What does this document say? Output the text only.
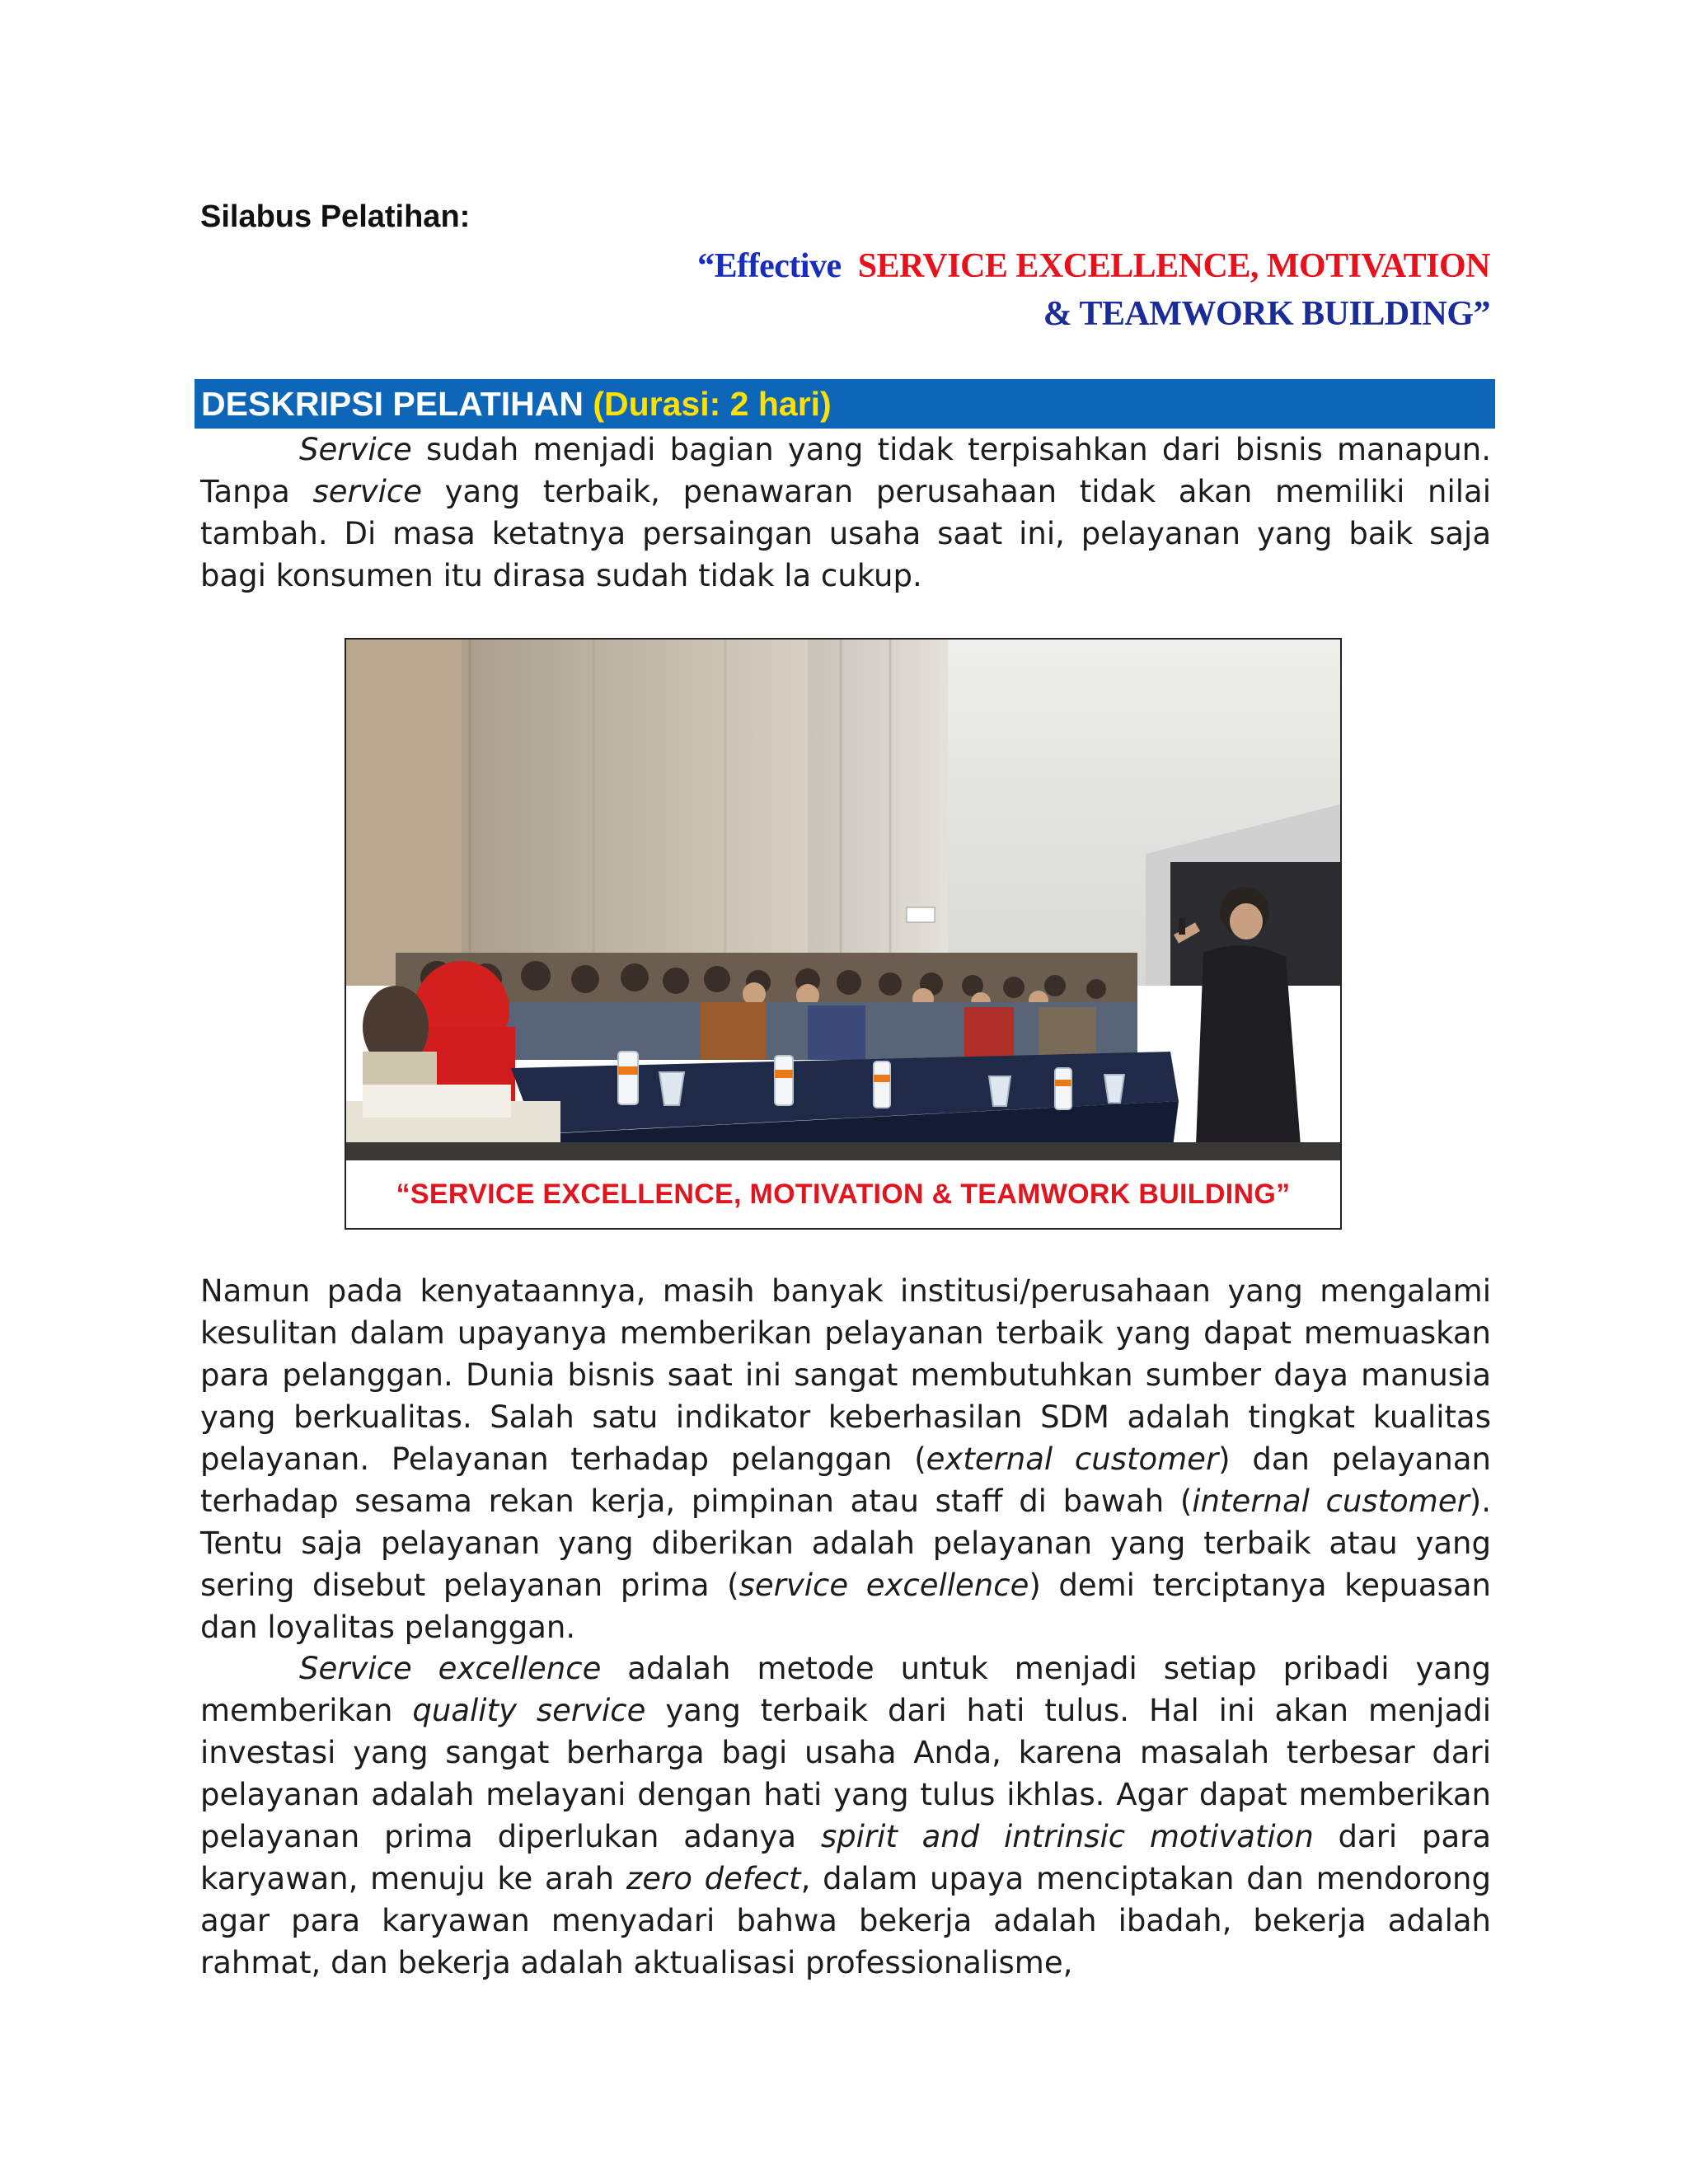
Silabus Pelatihan:
“Effective SERVICE EXCELLENCE, MOTIVATION
& TEAMWORK BUILDING”
DESKRIPSI PELATIHAN (Durasi: 2 hari)

Service sudah menjadi bagian yang tidak terpisahkan dari bisnis manapun. Tanpa service yang terbaik, penawaran perusahaan tidak akan memiliki nilai tambah. Di masa ketatnya persaingan usaha saat ini, pelayanan yang baik saja bagi konsumen itu dirasa sudah tidak la cukup.

“SERVICE EXCELLENCE, MOTIVATION & TEAMWORK BUILDING”

Namun pada kenyataannya, masih banyak institusi/perusahaan yang mengalami kesulitan dalam upayanya memberikan pelayanan terbaik yang dapat memuaskan para pelanggan. Dunia bisnis saat ini sangat membutuhkan sumber daya manusia yang berkualitas. Salah satu indikator keberhasilan SDM adalah tingkat kualitas pelayanan. Pelayanan terhadap pelanggan (external customer) dan pelayanan terhadap sesama rekan kerja, pimpinan atau staff di bawah (internal customer). Tentu saja pelayanan yang diberikan adalah pelayanan yang terbaik atau yang sering disebut pelayanan prima (service excellence) demi terciptanya kepuasan dan loyalitas pelanggan.

Service excellence adalah metode untuk menjadi setiap pribadi yang memberikan quality service yang terbaik dari hati tulus. Hal ini akan menjadi investasi yang sangat berharga bagi usaha Anda, karena masalah terbesar dari pelayanan adalah melayani dengan hati yang tulus ikhlas. Agar dapat memberikan pelayanan prima diperlukan adanya spirit and intrinsic motivation dari para karyawan, menuju ke arah zero defect, dalam upaya menciptakan dan mendorong agar para karyawan menyadari bahwa bekerja adalah ibadah, bekerja adalah rahmat, dan bekerja adalah aktualisasi professionalisme,
